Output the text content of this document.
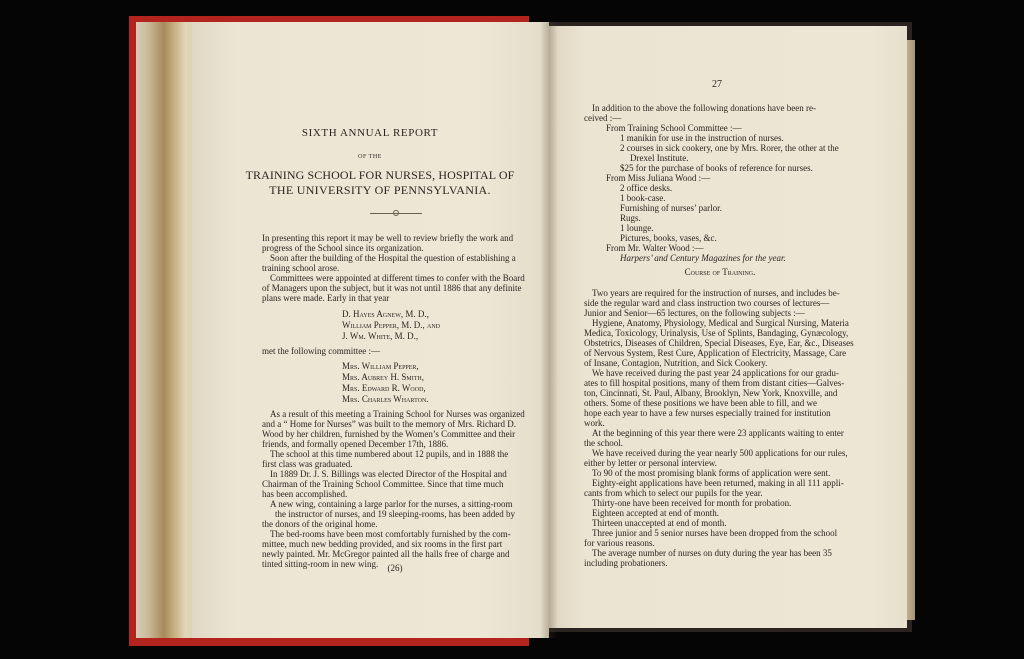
SIXTH ANNUAL REPORT
OF THE
TRAINING SCHOOL FOR NURSES, HOSPITAL OF
THE UNIVERSITY OF PENNSYLVANIA.
In presenting this report it may be well to review briefly the work and
progress of the School since its organization.
Soon after the building of the Hospital the question of establishing a
training school arose.
Committees were appointed at different times to confer with the Board
of Managers upon the subject, but it was not until 1886 that any definite
plans were made. Early in that year
D. Hayes Agnew, M. D.,
William Pepper, M. D., and
J. Wm. White, M. D.,
met the following committee :—
Mrs. William Pepper,
Mrs. Aubrey H. Smith,
Mrs. Edward R. Wood,
Mrs. Charles Wharton.
As a result of this meeting a Training School for Nurses was organized
and a “ Home for Nurses” was built to the memory of Mrs. Richard D.
Wood by her children, furnished by the Women’s Committee and their
friends, and formally opened December 17th, 1886.
The school at this time numbered about 12 pupils, and in 1888 the
first class was graduated.
In 1889 Dr. J. S. Billings was elected Director of the Hospital and
Chairman of the Training School Committee. Since that time much
has been accomplished.
A new wing, containing a large parlor for the nurses, a sitting-room
the instructor of nurses, and 19 sleeping-rooms, has been added by
the donors of the original home.
The bed-rooms have been most comfortably furnished by the com-
mittee, much new bedding provided, and six rooms in the first part
newly painted. Mr. McGregor painted all the halls free of charge and
tinted sitting-room in new wing.	(26)
27
In addition to the above the following donations have been re-
ceived :—
From Training School Committee :—
1 manikin for use in the instruction of nurses.
2 courses in sick cookery, one by Mrs. Rorer, the other at the
Drexel Institute.
$25 for the purchase of books of reference for nurses.
From Miss Juliana Wood :—
2 office desks.
1 book-case.
Furnishing of nurses’ parlor.
Rugs.
1 lounge.
Pictures, books, vases, &c.
From Mr. Walter Wood :—
Harpers’ and Century Magazines for the year.
Course of Training.
Two years are required for the instruction of nurses, and includes be-
side the regular ward and class instruction two courses of lectures—
Junior and Senior—65 lectures, on the following subjects :—
Hygiene, Anatomy, Physiology, Medical and Surgical Nursing, Materia
Medica, Toxicology, Urinalysis, Use of Splints, Bandaging, Gynæcology,
Obstetrics, Diseases of Children, Special Diseases, Eye, Ear, &c., Diseases
of Nervous System, Rest Cure, Application of Electricity, Massage, Care
of Insane, Contagion, Nutrition, and Sick Cookery.
We have received during the past year 24 applications for our gradu-
ates to fill hospital positions, many of them from distant cities—Galves-
ton, Cincinnati, St. Paul, Albany, Brooklyn, New York, Knoxville, and
others. Some of these positions we have been able to fill, and we
hope each year to have a few nurses especially trained for institution
work.
At the beginning of this year there were 23 applicants waiting to enter
the school.
We have received during the year nearly 500 applications for our rules,
either by letter or personal interview.
To 90 of the most promising blank forms of application were sent.
Eighty-eight applications have been returned, making in all 111 appli-
cants from which to select our pupils for the year.
Thirty-one have been received for month for probation.
Eighteen accepted at end of month.
Thirteen unaccepted at end of month.
Three junior and 5 senior nurses have been dropped from the school
for various reasons.
The average number of nurses on duty during the year has been 35
including probationers.
